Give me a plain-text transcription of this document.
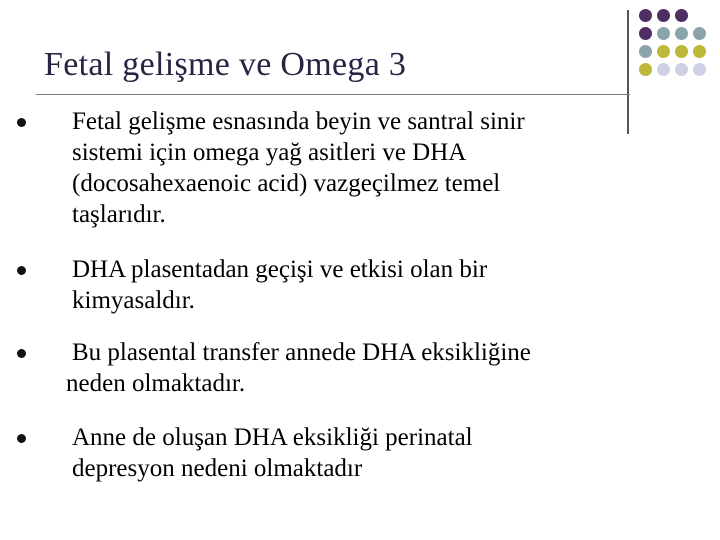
Fetal gelişme ve Omega 3
Fetal gelişme esnasında beyin ve santral sinir
sistemi için omega yağ asitleri ve DHA
(docosahexaenoic acid) vazgeçilmez temel
taşlarıdır.
DHA plasentadan geçişi ve etkisi olan bir
kimyasaldır.
Bu plasental transfer annede DHA eksikliğine
neden olmaktadır.
Anne de oluşan DHA eksikliği perinatal
depresyon nedeni olmaktadır
